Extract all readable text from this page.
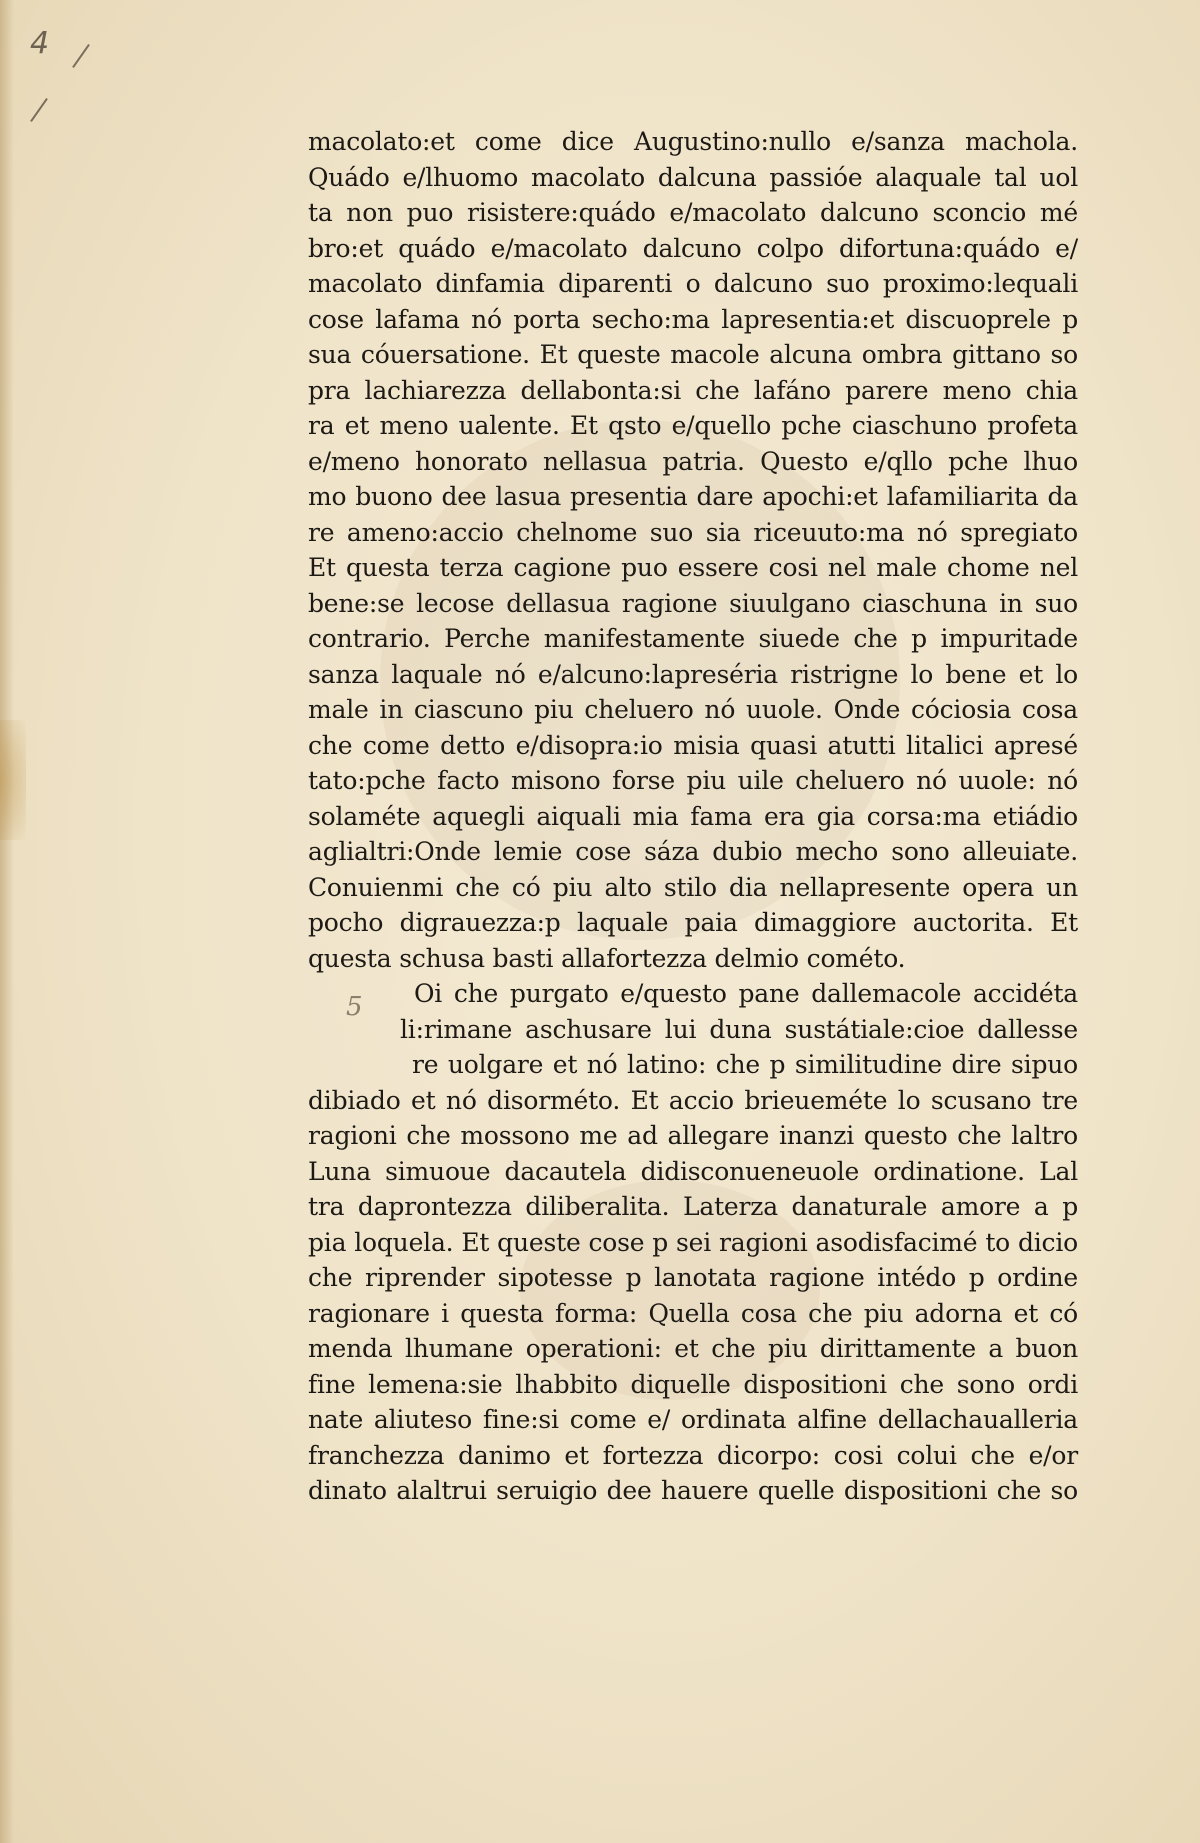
4
5
macolato:et come dice Augustino:nullo e/sanza machola.
Quádo e/lhuomo macolato dalcuna passióe alaquale tal uol
ta non puo risistere:quádo e/macolato dalcuno sconcio mé
bro:et quádo e/macolato dalcuno colpo difortuna:quádo e/
macolato dinfamia diparenti o dalcuno suo proximo:lequali
cose lafama nó porta secho:ma lapresentia:et discuoprele p
sua cóuersatione. Et queste macole alcuna ombra gittano so
pra lachiarezza dellabonta:si che lafáno parere meno chia
ra et meno ualente. Et qsto e/quello pche ciaschuno profeta
e/meno honorato nellasua patria. Questo e/qllo pche lhuo
mo buono dee lasua presentia dare apochi:et lafamiliarita da
re ameno:accio chelnome suo sia riceuuto:ma nó spregiato
Et questa terza cagione puo essere cosi nel male chome nel
bene:se lecose dellasua ragione siuulgano ciaschuna in suo
contrario. Perche manifestamente siuede che p impuritade
sanza laquale nó e/alcuno:lapreséria ristrigne lo bene et lo
male in ciascuno piu cheluero nó uuole. Onde cóciosia cosa
che come detto e/disopra:io misia quasi atutti litalici apresé
tato:pche facto misono forse piu uile cheluero nó uuole: nó
solaméte aquegli aiquali mia fama era gia corsa:ma etiádio
aglialtri:Onde lemie cose sáza dubio mecho sono alleuiate.
Conuienmi che có piu alto stilo dia nellapresente opera un
pocho digrauezza:p laquale paia dimaggiore auctorita. Et
questa schusa basti allafortezza delmio cométo.
Oi che purgato e/questo pane dallemacole accidéta
li:rimane aschusare lui duna sustátiale:cioe dallesse
re uolgare et nó latino: che p similitudine dire sipuo
dibiado et nó disorméto. Et accio brieueméte lo scusano tre
ragioni che mossono me ad allegare inanzi questo che laltro
Luna simuoue dacautela didisconueneuole ordinatione. Lal
tra daprontezza diliberalita. Laterza danaturale amore a p
pia loquela. Et queste cose p sei ragioni asodisfacimé to dicio
che riprender sipotesse p lanotata ragione intédo p ordine
ragionare i questa forma: Quella cosa che piu adorna et có
menda lhumane operationi: et che piu dirittamente a buon
fine lemena:sie lhabbito diquelle dispositioni che sono ordi
nate aliuteso fine:si come e/ ordinata alfine dellachaualleria
franchezza danimo et fortezza dicorpo: cosi colui che e/or
dinato alaltrui seruigio dee hauere quelle dispositioni che so
